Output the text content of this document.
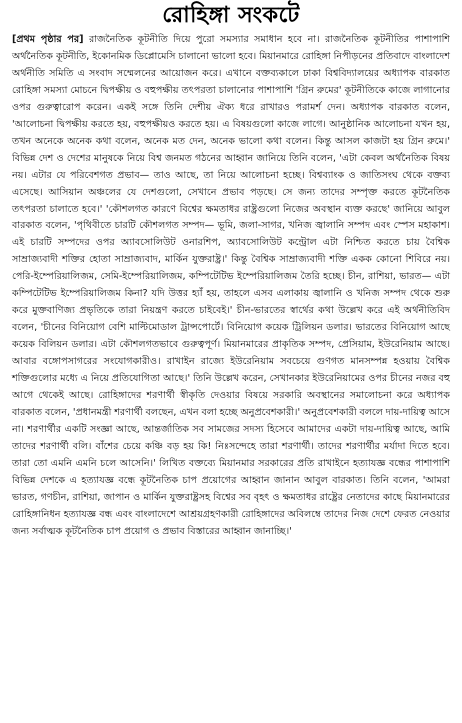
রোহিঙ্গা সংকটে
[প্রথম পৃষ্ঠার পর] রাজনৈতিক কূটনীতি দিয়ে পুরো সমস্যার সমাধান হবে না। রাজনৈতিক কূটনীতির পাশাপাশি অর্থনৈতিক কূটনীতি, ইকোনমিক ডিপ্লোমেসি চালানো ভালো হবে। মিয়ানমারে রোহিঙ্গা নিপীড়নের প্রতিবাদে বাংলাদেশ অর্থনীতি সমিতি এ সংবাদ সম্মেলনের আয়োজন করে। এখানে বক্তব্যকালে ঢাকা বিশ্ববিদ্যালয়ের অধ্যাপক বারকাত রোহিঙ্গা সমস্যা মোচনে দ্বিপক্ষীয় ও বহুপক্ষীয় তৎপরতা চালানোর পাশাপাশি 'গ্রিন রুমের' কূটনীতিকে কাজে লাগানোর ওপর গুরুত্বারোপ করেন। একই সঙ্গে তিনি দেশীয় ঐক্য ধরে রাখারও পরামর্শ দেন। অধ্যাপক বারকাত বলেন, 'আলোচনা দ্বিপক্ষীয় করতে হয়, বহুপক্ষীয়ও করতে হয়। এ বিষয়গুলো কাজে লাগে। আনুষ্ঠানিক আলোচনা যখন হয়, তখন অনেকে অনেক কথা বলেন, অনেক মত দেন, অনেক ভালো কথা বলেন। কিন্তু আসল কাজটা হয় গ্রিন রুমে।' বিভিন্ন দেশ ও দেশের মানুষকে নিয়ে বিশ্ব জনমত গঠনের আহ্বান জানিয়ে তিনি বলেন, 'এটা কেবল অর্থনৈতিক বিষয় নয়। এটার যে পরিবেশগত প্রভাব— তাও আছে, তা নিয়ে আলোচনা হচ্ছে। বিশ্বব্যাংক ও জাতিসংঘ থেকে বক্তব্য এসেছে। আসিয়ান অঞ্চলের যে দেশগুলো, সেখানে প্রভাব পড়ছে। সে জন্য তাদের সম্পৃক্ত করতে কূটনৈতিক তৎপরতা চালাতে হবে।' 'কৌশলগত কারণে বিশ্বের ক্ষমতাধর রাষ্ট্রগুলো নিজের অবস্থান ব্যক্ত করছে' জানিয়ে আবুল বারকাত বলেন, 'পৃথিবীতে চারটি কৌশলগত সম্পদ— ভূমি, জলা-সাগর, খনিজ জ্বালানি সম্পদ এবং স্পেস মহাকাশ। এই চারটি সম্পদের ওপর অ্যাবসোলিউট ওনারশিপ, অ্যাবসোলিউট কন্ট্রোল এটা নিশ্চিত করতে চায় বৈশ্বিক সাম্রাজ্যবাদী শক্তির হোতা সাম্রাজ্যবাদ, মার্কিন যুক্তরাষ্ট্র।' কিন্তু বৈশ্বিক সাম্রাজ্যবাদী শক্তি একক কোনো শিবিরে নয়। পেরি-ইম্পেরিয়ালিজম, সেমি-ইম্পেরিয়ালিজম, কম্পিটেটিভ ইম্পেরিয়ালিজম তৈরি হচ্ছে। চীন, রাশিয়া, ভারত— এটা কম্পিটেটিভ ইম্পেরিয়ালিজম কিনা? যদি উত্তর হ্যাঁ হয়, তাহলে এসব এলাকায় জ্বালানি ও খনিজ সম্পদ থেকে শুরু করে মুক্তবাণিজ্য প্রভৃতিকে তারা নিয়ন্ত্রণ করতে চাইবেই।' চীন-ভারতের স্বার্থের কথা উল্লেখ করে এই অর্থনীতিবিদ বলেন, 'চীনের বিনিয়োগ বেশি মাল্টিমোডাল ট্রান্সপোর্টে। বিনিয়োগ কয়েক ট্রিলিয়ন ডলার। ভারতের বিনিয়োগ আছে কয়েক বিলিয়ন ডলার। এটা কৌশলগতভাবে গুরুত্বপূর্ণ। মিয়ানমারের প্রাকৃতিক সম্পদ, প্রেসিয়াম, ইউরেনিয়াম আছে। আবার বঙ্গোপসাগরের সংযোগকারীও। রাখাইন রাজ্যে ইউরেনিয়াম সবচেয়ে গুণগত মানসম্পন্ন হওয়ায় বৈশ্বিক শক্তিগুলোর মধ্যে এ নিয়ে প্রতিযোগিতা আছে।' তিনি উল্লেখ করেন, সেখানকার ইউরেনিয়ামের ওপর চীনের নজর বহু আগে থেকেই আছে। রোহিঙ্গাদের শরণার্থী স্বীকৃতি দেওয়ার বিষয়ে সরকারি অবস্থানের সমালোচনা করে অধ্যাপক বারকাত বলেন, 'প্রধানমন্ত্রী শরণার্থী বলছেন, এখন বলা হচ্ছে অনুপ্রবেশকারী।' অনুপ্রবেশকারী বললে দায়-দায়িত্ব আসে না। শরণার্থীর একটি সংজ্ঞা আছে, আন্তর্জাতিক সব সামজের সদস্য হিসেবে আমাদের একটা দায়-দায়িত্ব আছে, আমি তাদের শরণার্থী বলি। বাঁশের চেয়ে কঞ্চি বড় হয় কি! নিঃসন্দেহে তারা শরণার্থী। তাদের শরণার্থীর মর্যাদা দিতে হবে। তারা তো এমনি এমনি চলে আসেনি।' লিখিত বক্তব্যে মিয়ানমার সরকারের প্রতি রাখাইনে হত্যাযজ্ঞ বন্ধের পাশাপাশি বিভিন্ন দেশকে এ হত্যাযজ্ঞ বন্ধে কূটনৈতিক চাপ প্রয়োগের আহ্বান জানান আবুল বারকাত। তিনি বলেন, 'আমরা ভারত, গণচীন, রাশিয়া, জাপান ও মার্কিন যুক্তরাষ্ট্রসহ বিশ্বের সব বৃহৎ ও ক্ষমতাধর রাষ্ট্রের নেতাদের কাছে মিয়ানমারের রোহিঙ্গানিধন হত্যাযজ্ঞ বন্ধ এবং বাংলাদেশে আশ্রয়গ্রহণকারী রোহিঙ্গাদের অবিলম্বে তাদের নিজ দেশে ফেরত নেওয়ার জন্য সর্বাত্মক কূটনৈতিক চাপ প্রয়োগ ও প্রভাব বিস্তারের আহ্বান জানাচ্ছি।'
